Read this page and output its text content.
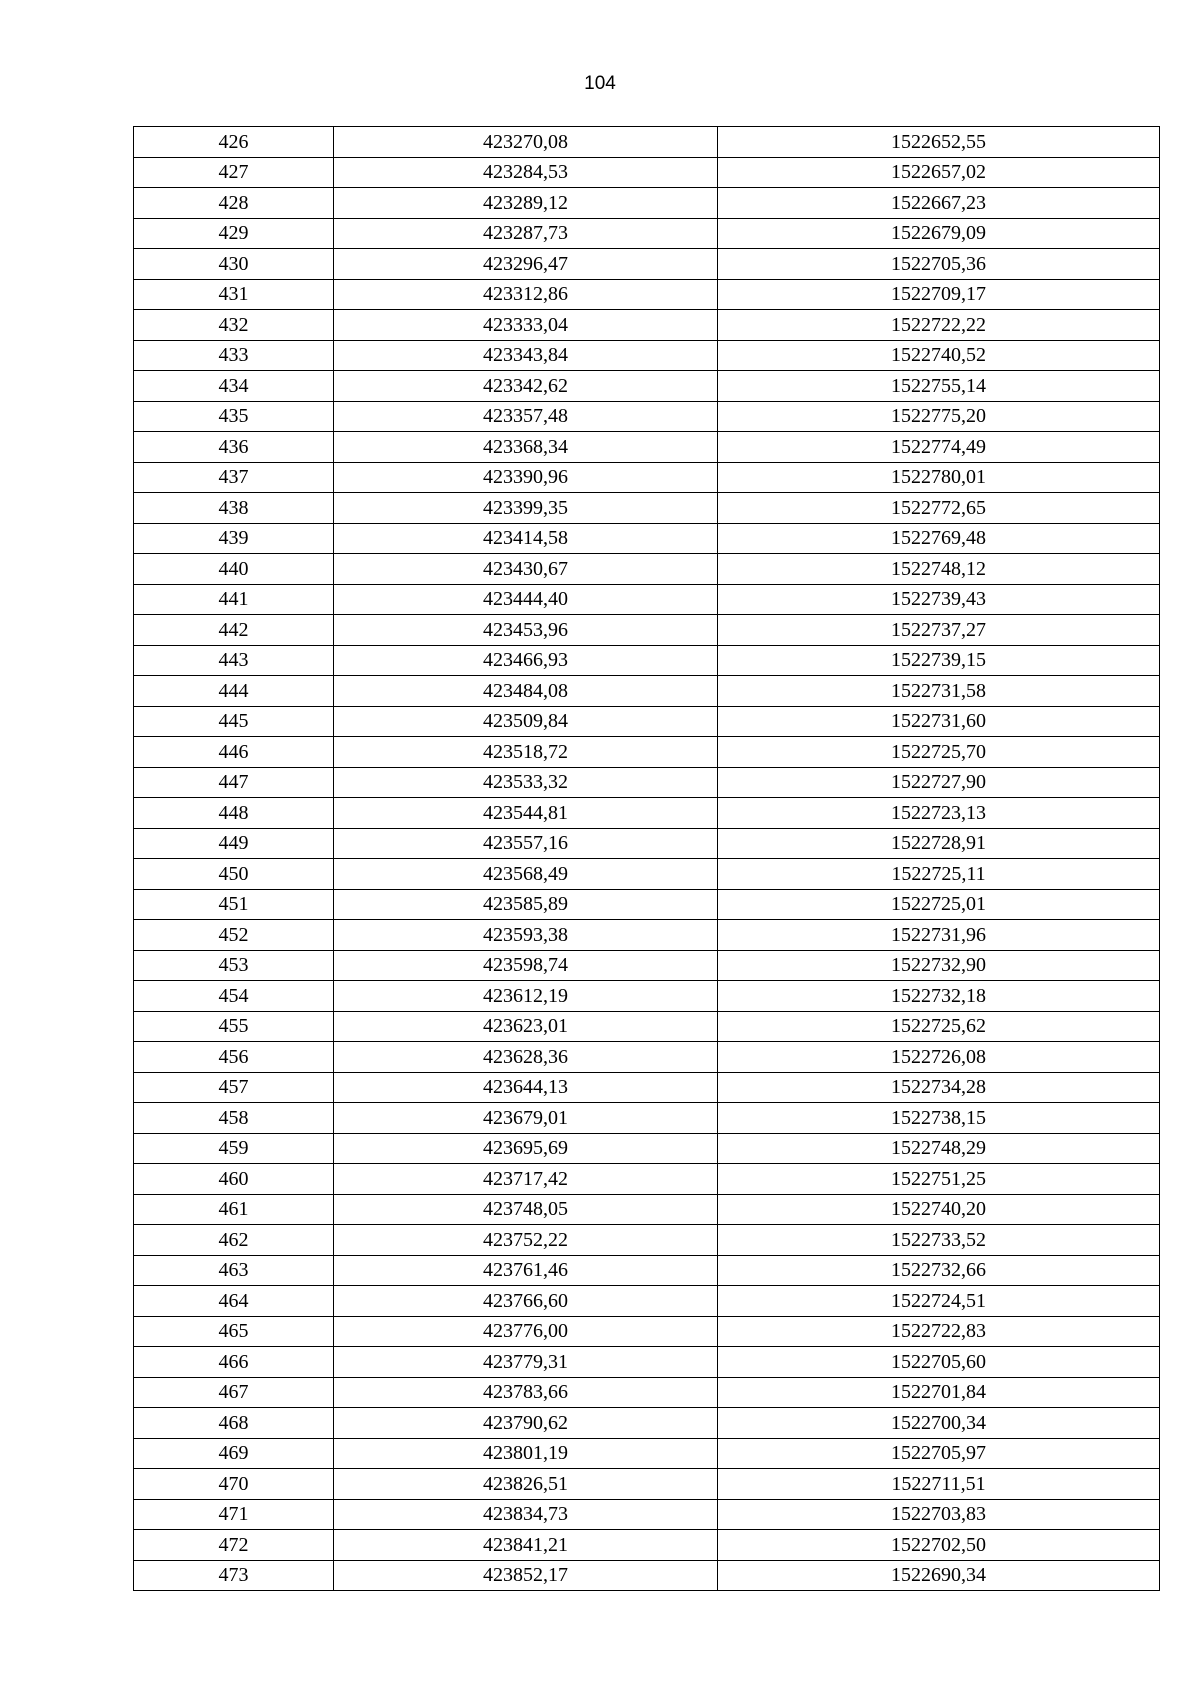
104
426	423270,08	1522652,55
427	423284,53	1522657,02
428	423289,12	1522667,23
429	423287,73	1522679,09
430	423296,47	1522705,36
431	423312,86	1522709,17
432	423333,04	1522722,22
433	423343,84	1522740,52
434	423342,62	1522755,14
435	423357,48	1522775,20
436	423368,34	1522774,49
437	423390,96	1522780,01
438	423399,35	1522772,65
439	423414,58	1522769,48
440	423430,67	1522748,12
441	423444,40	1522739,43
442	423453,96	1522737,27
443	423466,93	1522739,15
444	423484,08	1522731,58
445	423509,84	1522731,60
446	423518,72	1522725,70
447	423533,32	1522727,90
448	423544,81	1522723,13
449	423557,16	1522728,91
450	423568,49	1522725,11
451	423585,89	1522725,01
452	423593,38	1522731,96
453	423598,74	1522732,90
454	423612,19	1522732,18
455	423623,01	1522725,62
456	423628,36	1522726,08
457	423644,13	1522734,28
458	423679,01	1522738,15
459	423695,69	1522748,29
460	423717,42	1522751,25
461	423748,05	1522740,20
462	423752,22	1522733,52
463	423761,46	1522732,66
464	423766,60	1522724,51
465	423776,00	1522722,83
466	423779,31	1522705,60
467	423783,66	1522701,84
468	423790,62	1522700,34
469	423801,19	1522705,97
470	423826,51	1522711,51
471	423834,73	1522703,83
472	423841,21	1522702,50
473	423852,17	1522690,34
